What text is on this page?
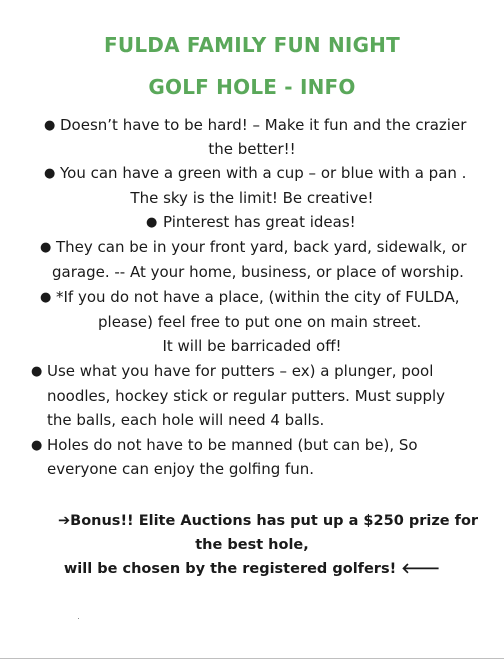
FULDA FAMILY FUN NIGHT
GOLF HOLE - INFO
● Doesn’t have to be hard! – Make it fun and the crazier
the better!!
● You can have a green with a cup – or blue with a pan .
The sky is the limit! Be creative!
● Pinterest has great ideas!
● They can be in your front yard, back yard, sidewalk, or
garage. -- At your home, business, or place of worship.
● *If you do not have a place, (within the city of FULDA,
please) feel free to put one on main street.
It will be barricaded off!
● Use what you have for putters – ex) a plunger, pool
noodles, hockey stick or regular putters. Must supply
the balls, each hole will need 4 balls.
● Holes do not have to be manned (but can be), So
everyone can enjoy the golfing fun.
➔Bonus!! Elite Auctions has put up a $250 prize for
the best hole,
will be chosen by the registered golfers! 🡐
